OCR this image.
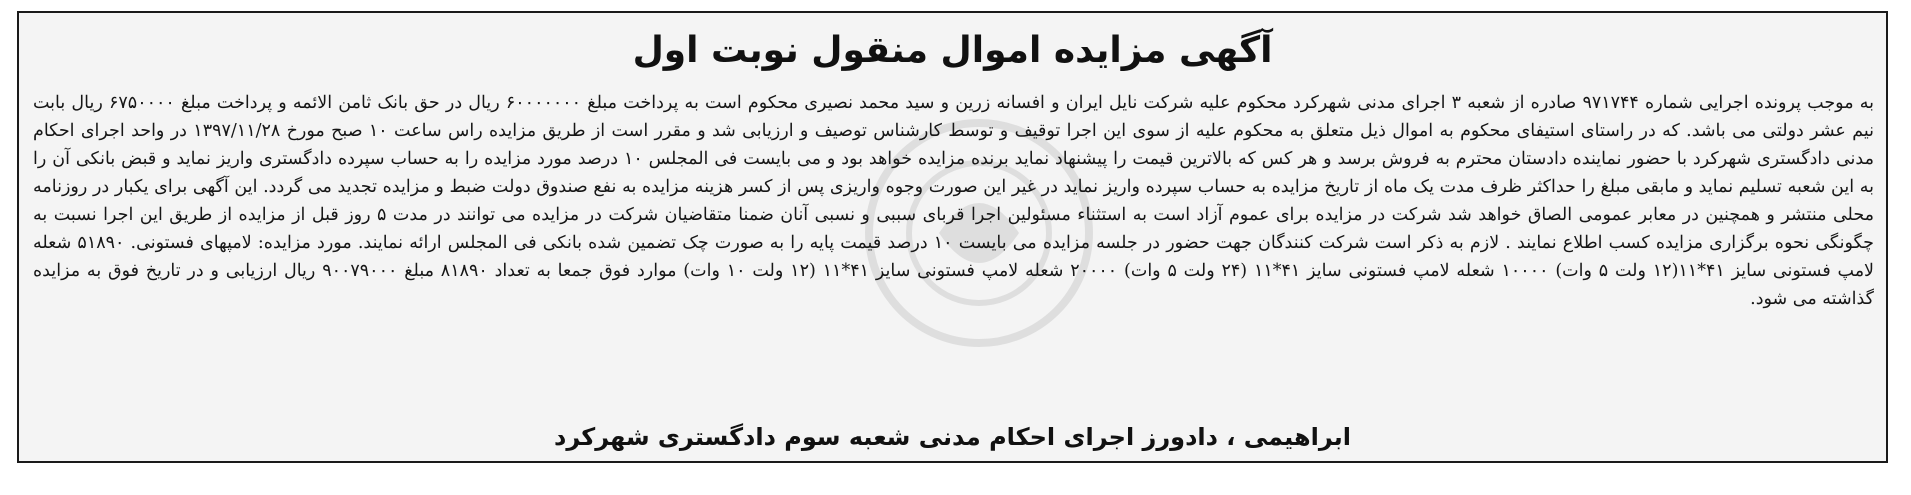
آگهی مزایده اموال منقول نوبت اول
به موجب پرونده اجرایی شماره ۹۷۱۷۴۴ صادره از شعبه ۳ اجرای مدنی شهرکرد محکوم علیه شرکت نایل ایران و افسانه زرین و سید محمد نصیری محکوم است به پرداخت مبلغ ۶۰۰۰۰۰۰۰ ریال در حق بانک ثامن الائمه و پرداخت مبلغ ۶۷۵۰۰۰۰ ریال بابت نیم عشر دولتی می باشد. که در راستای استیفای محکوم به اموال ذیل متعلق به محکوم علیه از سوی این اجرا توقیف و توسط کارشناس توصیف و ارزیابی شد و مقرر است از طریق مزایده راس ساعت ۱۰ صبح مورخ ۱۳۹۷/۱۱/۲۸ در واحد اجرای احکام مدنی دادگستری شهرکرد با حضور نماینده دادستان محترم به فروش برسد و هر کس که بالاترین قیمت را پیشنهاد نماید برنده مزایده خواهد بود و می بایست فی المجلس ۱۰ درصد مورد مزایده را به حساب سپرده دادگستری واریز نماید و قبض بانکی آن را به این شعبه تسلیم نماید و مابقی مبلغ را حداکثر ظرف مدت یک ماه از تاریخ مزایده به حساب سپرده واریز نماید در غیر این صورت وجوه واریزی پس از کسر هزینه مزایده به نفع صندوق دولت ضبط و مزایده تجدید می گردد. این آگهی برای یکبار در روزنامه محلی منتشر و همچنین در معابر عمومی الصاق خواهد شد شرکت در مزایده برای عموم آزاد است به استثناء مسئولین اجرا قربای سببی و نسبی آنان ضمنا متقاضیان شرکت در مزایده می توانند در مدت ۵ روز قبل از مزایده از طریق این اجرا نسبت به چگونگی نحوه برگزاری مزایده کسب اطلاع نمایند . لازم به ذکر است شرکت کنندگان جهت حضور در جلسه مزایده می بایست ۱۰ درصد قیمت پایه را به صورت چک تضمین شده بانکی فی المجلس ارائه نمایند. مورد مزایده: لامپهای فستونی. ۵۱۸۹۰ شعله لامپ فستونی سایز ۴۱*۱۱(۱۲ ولت ۵ وات) ۱۰۰۰۰ شعله لامپ فستونی سایز ۴۱*۱۱ (۲۴ ولت ۵ وات) ۲۰۰۰۰ شعله لامپ فستونی سایز ۴۱*۱۱ (۱۲ ولت ۱۰ وات) موارد فوق جمعا به تعداد ۸۱۸۹۰ مبلغ ۹۰۰۷۹۰۰۰ ریال ارزیابی و در تاریخ فوق به مزایده گذاشته می شود.
ابراهیمی ، دادورز اجرای احکام مدنی شعبه سوم دادگستری شهرکرد
